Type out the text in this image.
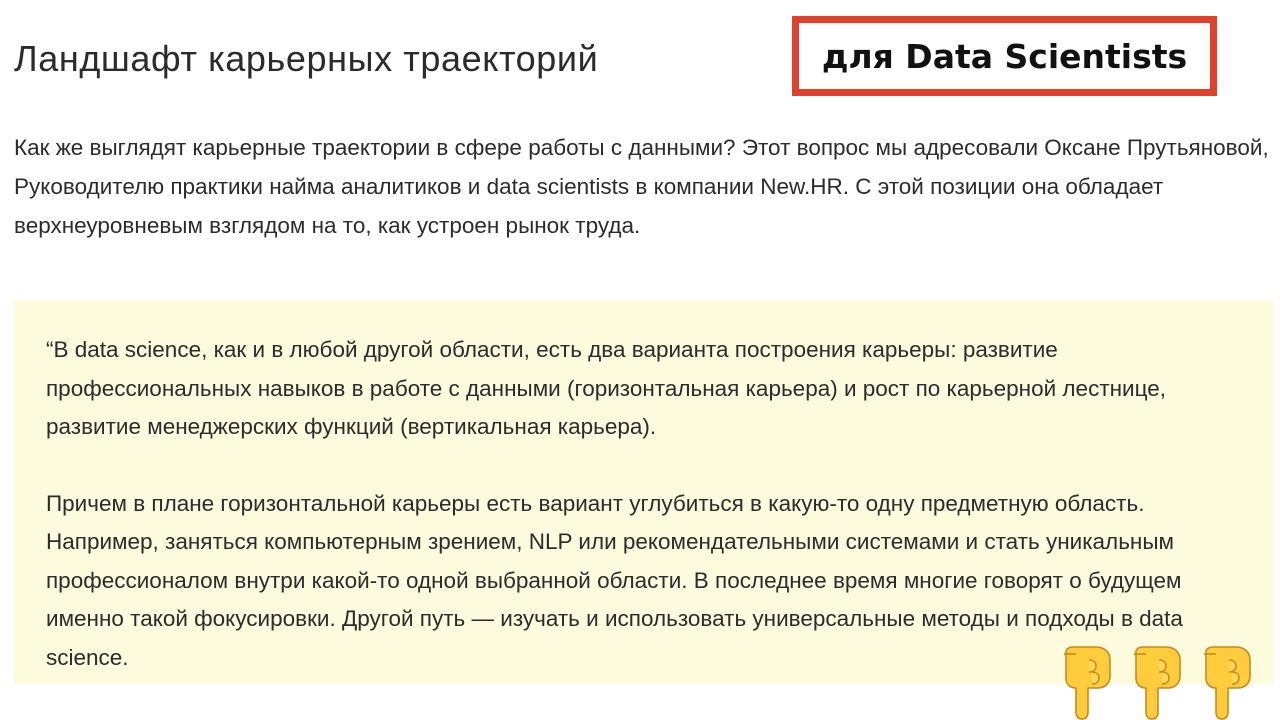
Ландшафт карьерных траекторий	для Data Scientists

Как же выглядят карьерные траектории в сфере работы с данными? Этот вопрос мы адресовали Оксане Прутьяновой, Руководителю практики найма аналитиков и data scientists в компании New.HR. С этой позиции она обладает верхнеуровневым взглядом на то, как устроен рынок труда.

“В data science, как и в любой другой области, есть два варианта построения карьеры: развитие профессиональных навыков в работе с данными (горизонтальная карьера) и рост по карьерной лестнице, развитие менеджерских функций (вертикальная карьера).

Причем в плане горизонтальной карьеры есть вариант углубиться в какую-то одну предметную область. Например, заняться компьютерным зрением, NLP или рекомендательными системами и стать уникальным профессионалом внутри какой-то одной выбранной области. В последнее время многие говорят о будущем именно такой фокусировки. Другой путь — изучать и использовать универсальные методы и подходы в data science.
